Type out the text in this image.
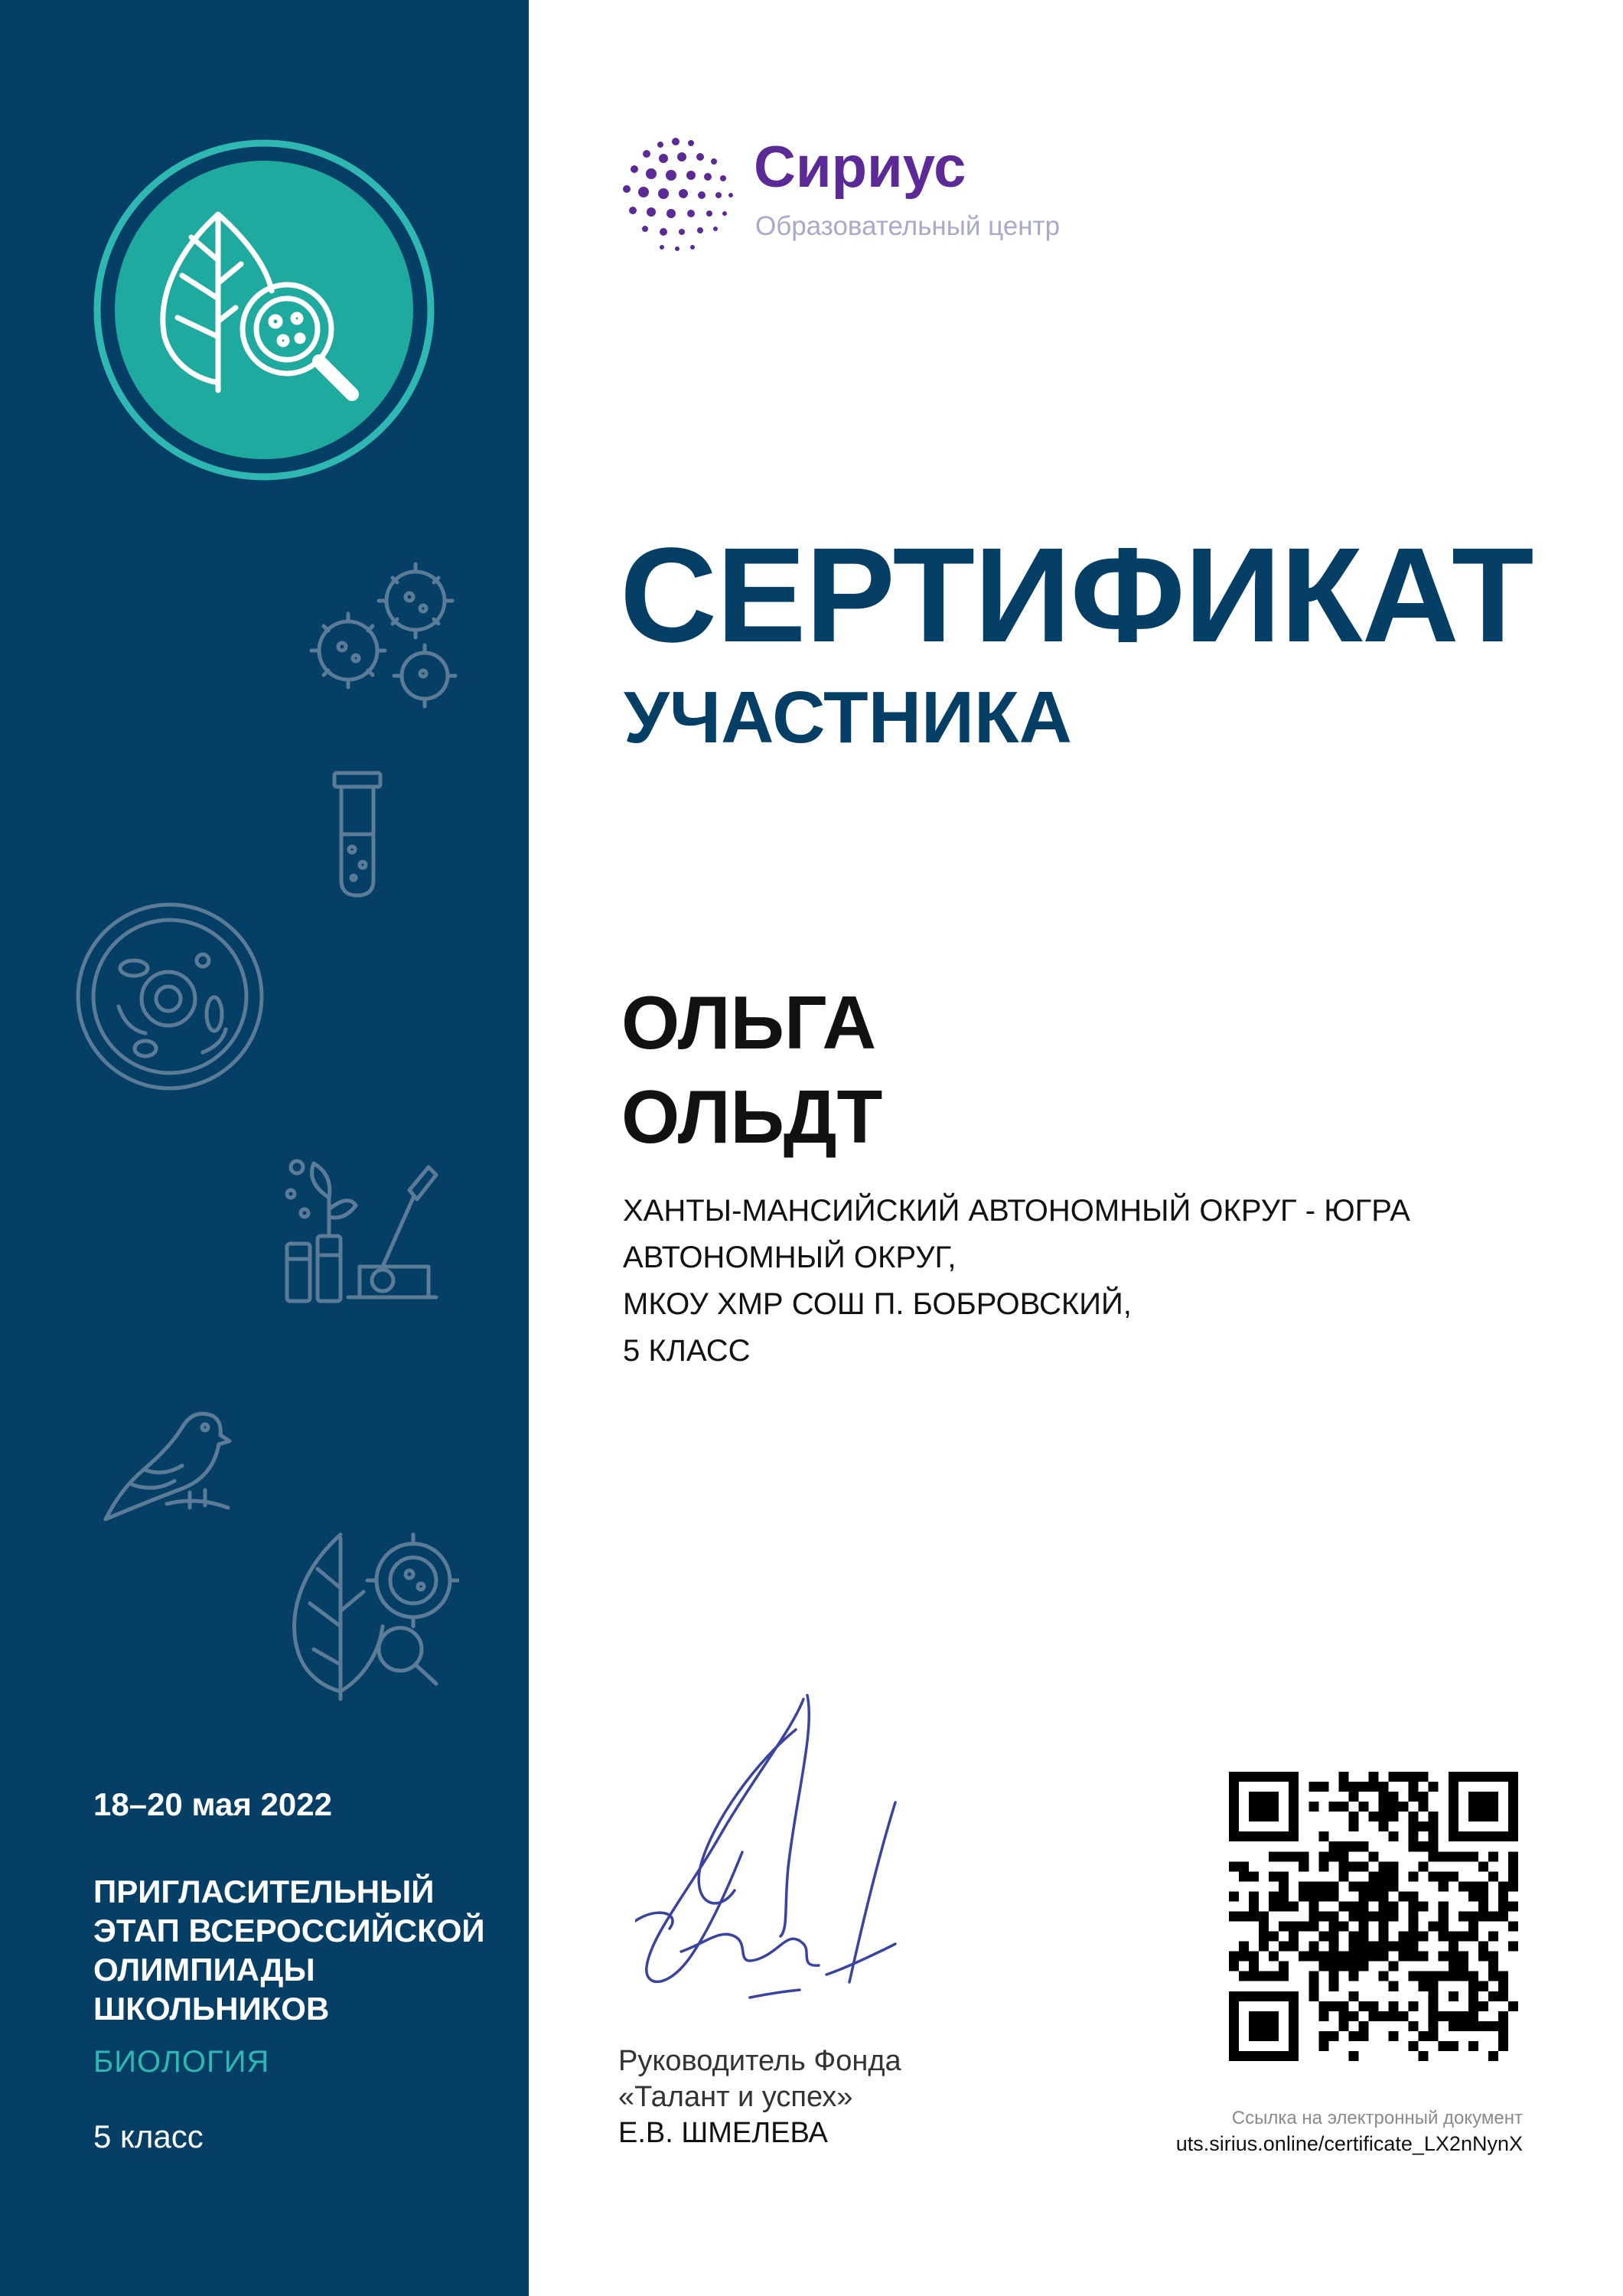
18–20 мая 2022
ПРИГЛАСИТЕЛЬНЫЙ
ЭТАП ВСЕРОССИЙСКОЙ
ОЛИМПИАДЫ
ШКОЛЬНИКОВ
БИОЛОГИЯ
5 класс
Сириус
Образовательный центр
СЕРТИФИКАТ
УЧАСТНИКА
ОЛЬГА
ОЛЬДТ
ХАНТЫ-МАНСИЙСКИЙ АВТОНОМНЫЙ ОКРУГ - ЮГРА
АВТОНОМНЫЙ ОКРУГ,
МКОУ ХМР СОШ П. БОБРОВСКИЙ,
5 КЛАСС
Руководитель Фонда
«Талант и успех»
Е.В. ШМЕЛЕВА	Ссылка на электронный документ
uts.sirius.online/certificate_LX2nNynX
